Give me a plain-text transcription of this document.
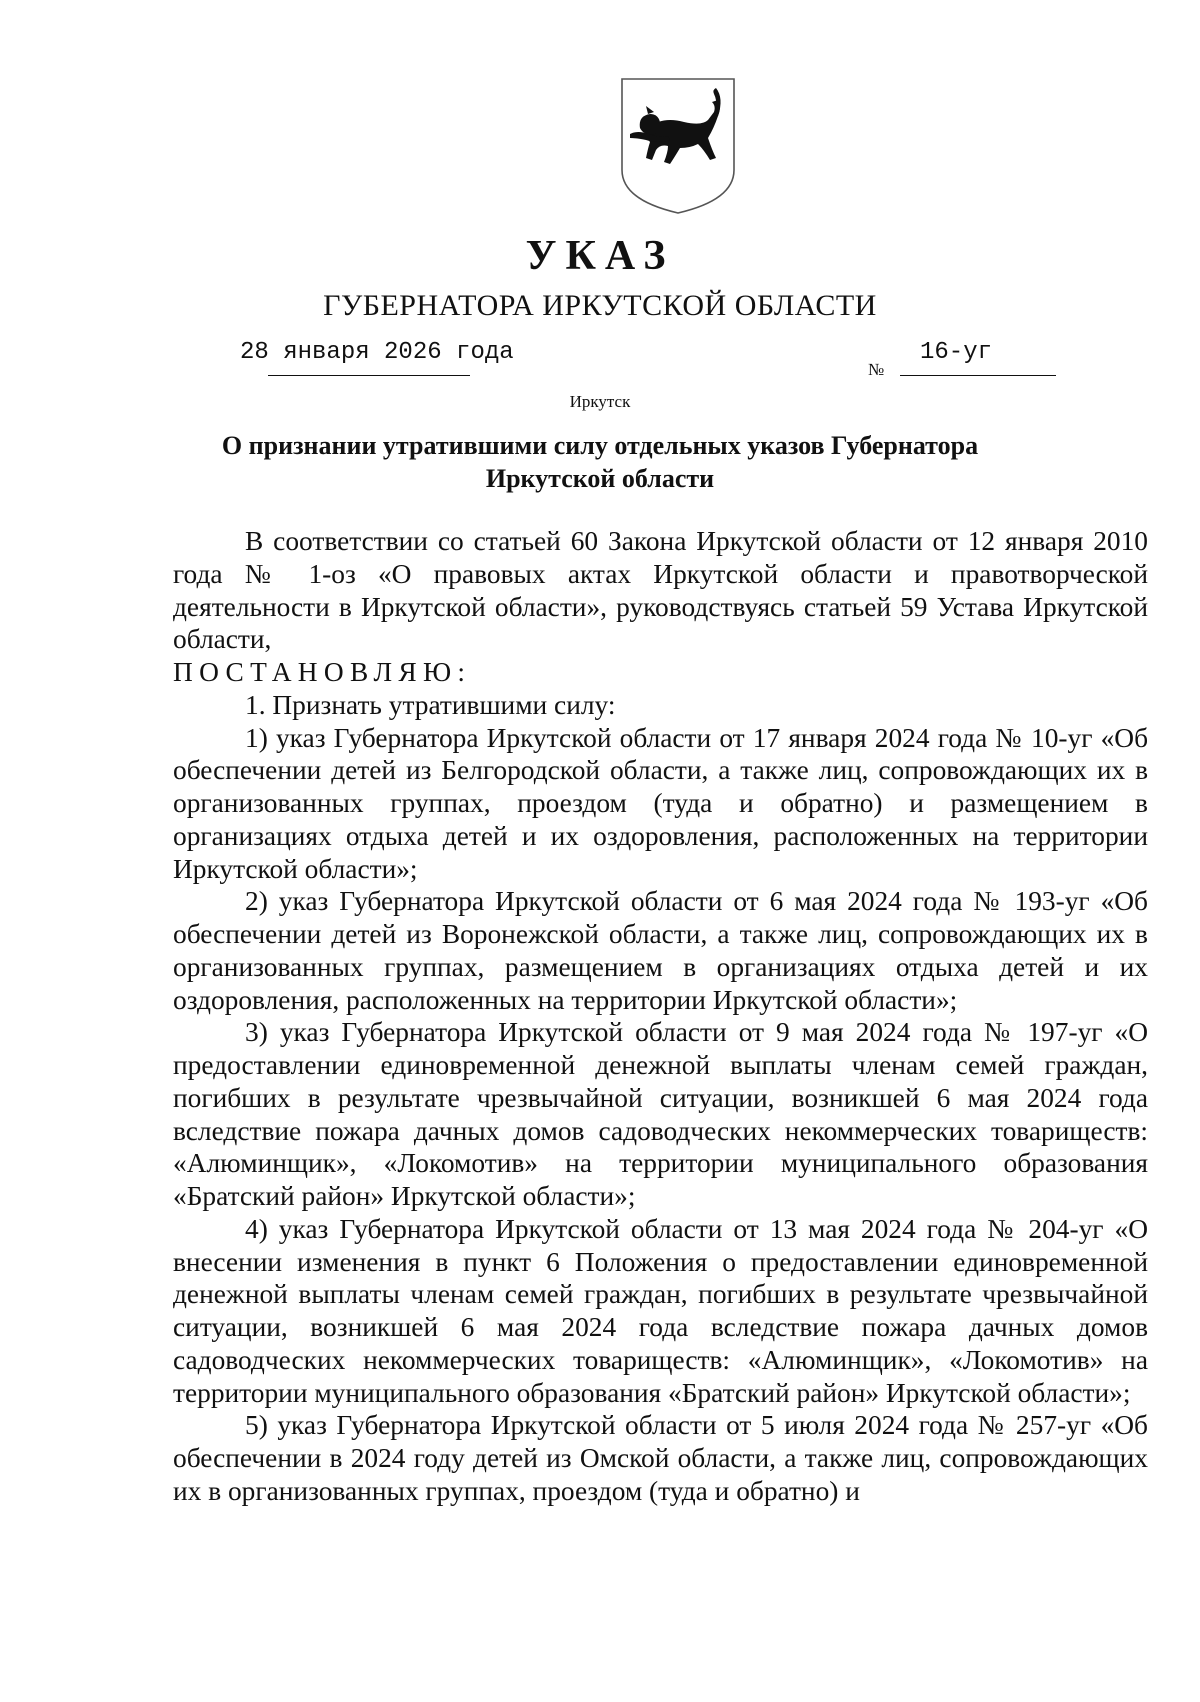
УКАЗ
ГУБЕРНАТОРА ИРКУТСКОЙ ОБЛАСТИ
28 января 2026 года
№
16-уг
Иркутск
О признании утратившими силу отдельных указов Губернатора Иркутской области

В соответствии со статьей 60 Закона Иркутской области от 12 января 2010 года № 1-оз «О правовых актах Иркутской области и правотворческой деятельности в Иркутской области», руководствуясь статьей 59 Устава Иркутской области,

ПОСТАНОВЛЯЮ:

1. Признать утратившими силу:

1) указ Губернатора Иркутской области от 17 января 2024 года № 10-уг «Об обеспечении детей из Белгородской области, а также лиц, сопровождающих их в организованных группах, проездом (туда и обратно) и размещением в организациях отдыха детей и их оздоровления, расположенных на территории Иркутской области»;

2) указ Губернатора Иркутской области от 6 мая 2024 года № 193-уг «Об обеспечении детей из Воронежской области, а также лиц, сопровождающих их в организованных группах, размещением в организациях отдыха детей и их оздоровления, расположенных на территории Иркутской области»;

3) указ Губернатора Иркутской области от 9 мая 2024 года № 197-уг «О предоставлении единовременной денежной выплаты членам семей граждан, погибших в результате чрезвычайной ситуации, возникшей 6 мая 2024 года вследствие пожара дачных домов садоводческих некоммерческих товариществ: «Алюминщик», «Локомотив» на территории муниципального образования «Братский район» Иркутской области»;

4) указ Губернатора Иркутской области от 13 мая 2024 года № 204-уг «О внесении изменения в пункт 6 Положения о предоставлении единовременной денежной выплаты членам семей граждан, погибших в результате чрезвычайной ситуации, возникшей 6 мая 2024 года вследствие пожара дачных домов садоводческих некоммерческих товариществ: «Алюминщик», «Локомотив» на территории муниципального образования «Братский район» Иркутской области»;

5) указ Губернатора Иркутской области от 5 июля 2024 года № 257-уг «Об обеспечении в 2024 году детей из Омской области, а также лиц, сопровождающих их в организованных группах, проездом (туда и обратно) и
